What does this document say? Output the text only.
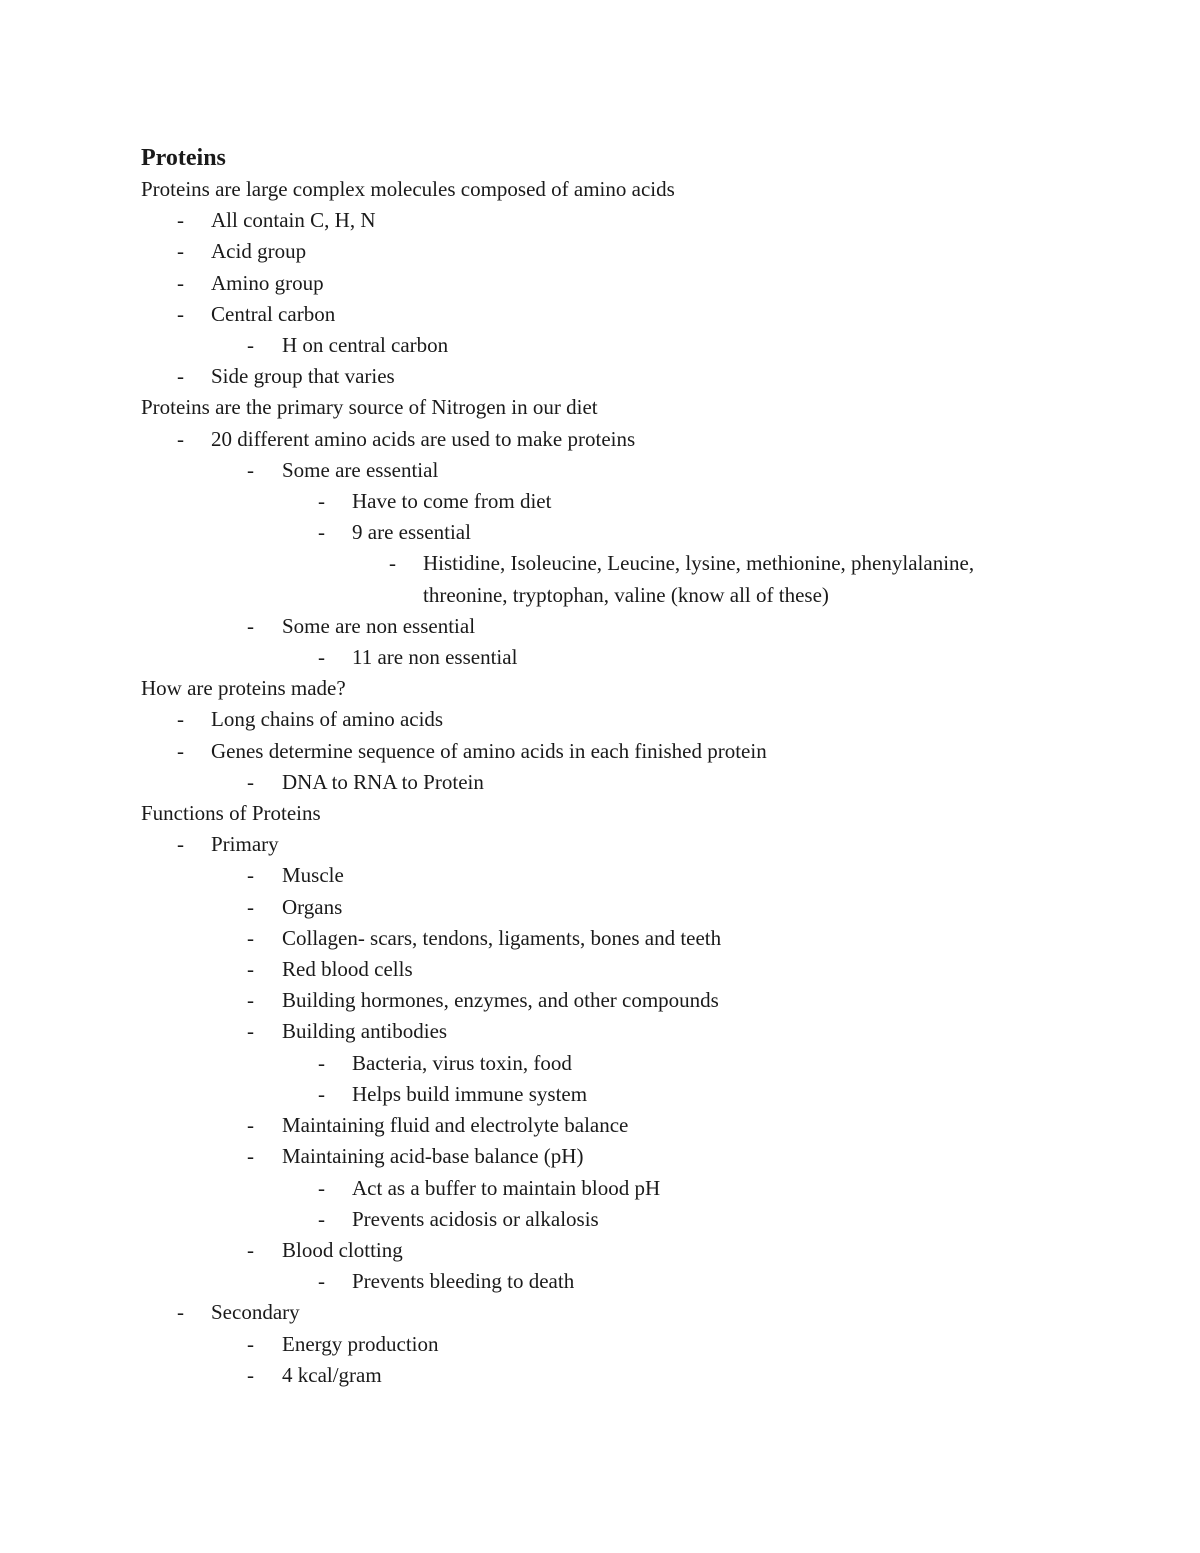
Proteins
Proteins are large complex molecules composed of amino acids
- All contain C, H, N
- Acid group
- Amino group
- Central carbon
- H on central carbon
- Side group that varies
Proteins are the primary source of Nitrogen in our diet
- 20 different amino acids are used to make proteins
- Some are essential
- Have to come from diet
- 9 are essential
- Histidine, Isoleucine, Leucine, lysine, methionine, phenylalanine, threonine, tryptophan, valine (know all of these)
- Some are non essential
- 11 are non essential
How are proteins made?
- Long chains of amino acids
- Genes determine sequence of amino acids in each finished protein
- DNA to RNA to Protein
Functions of Proteins
- Primary
- Muscle
- Organs
- Collagen- scars, tendons, ligaments, bones and teeth
- Red blood cells
- Building hormones, enzymes, and other compounds
- Building antibodies
- Bacteria, virus toxin, food
- Helps build immune system
- Maintaining fluid and electrolyte balance
- Maintaining acid-base balance (pH)
- Act as a buffer to maintain blood pH
- Prevents acidosis or alkalosis
- Blood clotting
- Prevents bleeding to death
- Secondary
- Energy production
- 4 kcal/gram
